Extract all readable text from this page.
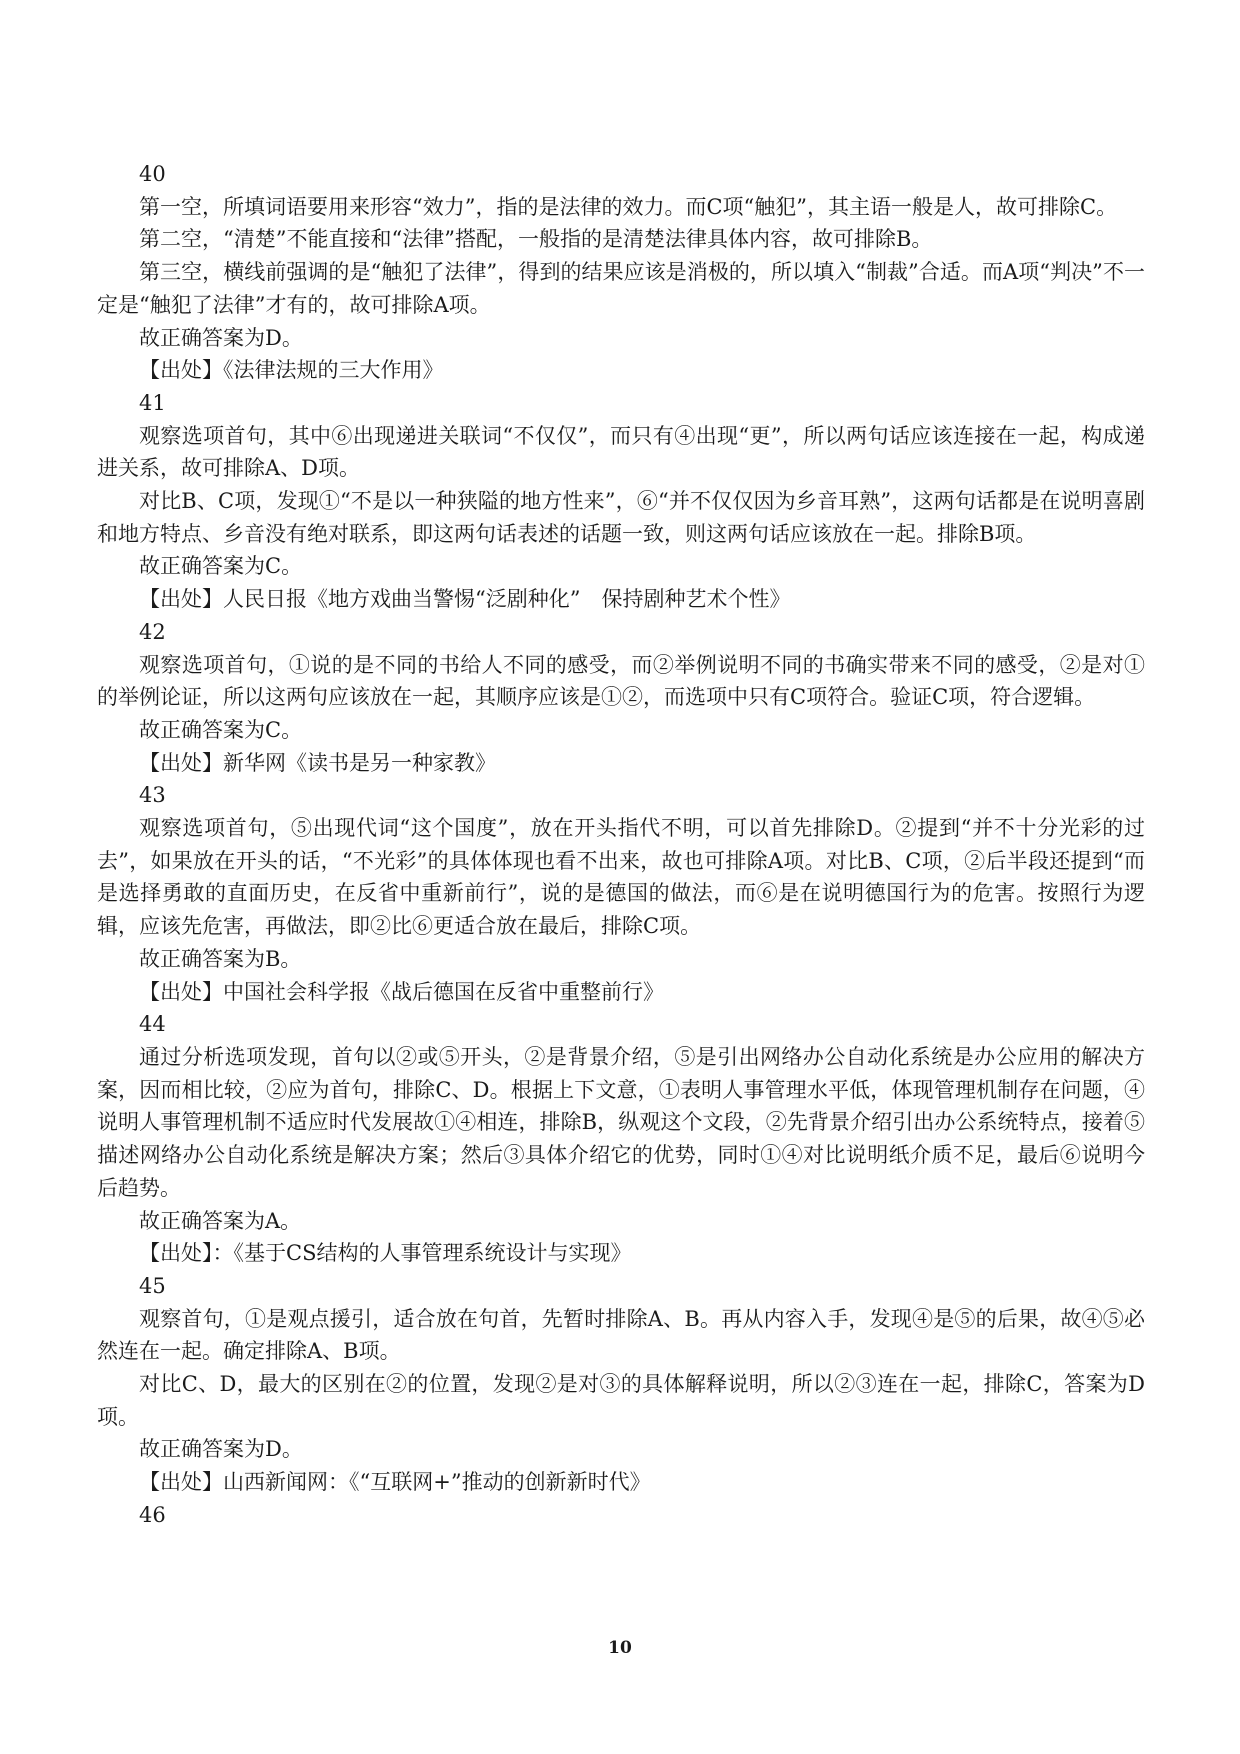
40

第一空，所填词语要用来形容“效力”，指的是法律的效力。而C项“触犯”，其主语一般是人，故可排除C。

第二空，“清楚”不能直接和“法律”搭配，一般指的是清楚法律具体内容，故可排除B。

第三空，横线前强调的是“触犯了法律”，得到的结果应该是消极的，所以填入“制裁”合适。而A项“判决”不一定是“触犯了法律”才有的，故可排除A项。

故正确答案为D。

【出处】《法律法规的三大作用》

41

观察选项首句，其中⑥出现递进关联词“不仅仅”，而只有④出现“更”，所以两句话应该连接在一起，构成递进关系，故可排除A、D项。

对比B、C项，发现①“不是以一种狭隘的地方性来”，⑥“并不仅仅因为乡音耳熟”，这两句话都是在说明喜剧和地方特点、乡音没有绝对联系，即这两句话表述的话题一致，则这两句话应该放在一起。排除B项。

故正确答案为C。

【出处】人民日报《地方戏曲当警惕“泛剧种化”　保持剧种艺术个性》

42

观察选项首句，①说的是不同的书给人不同的感受，而②举例说明不同的书确实带来不同的感受，②是对①的举例论证，所以这两句应该放在一起，其顺序应该是①②，而选项中只有C项符合。验证C项，符合逻辑。

故正确答案为C。

【出处】新华网《读书是另一种家教》

43

观察选项首句，⑤出现代词“这个国度”，放在开头指代不明，可以首先排除D。②提到“并不十分光彩的过去”，如果放在开头的话，“不光彩”的具体体现也看不出来，故也可排除A项。对比B、C项，②后半段还提到“而是选择勇敢的直面历史，在反省中重新前行”，说的是德国的做法，而⑥是在说明德国行为的危害。按照行为逻辑，应该先危害，再做法，即②比⑥更适合放在最后，排除C项。

故正确答案为B。

【出处】中国社会科学报《战后德国在反省中重整前行》

44

通过分析选项发现，首句以②或⑤开头，②是背景介绍，⑤是引出网络办公自动化系统是办公应用的解决方案，因而相比较，②应为首句，排除C、D。根据上下文意，①表明人事管理水平低，体现管理机制存在问题，④说明人事管理机制不适应时代发展故①④相连，排除B，纵观这个文段，②先背景介绍引出办公系统特点，接着⑤描述网络办公自动化系统是解决方案；然后③具体介绍它的优势，同时①④对比说明纸介质不足，最后⑥说明今后趋势。

故正确答案为A。

【出处】：《基于CS结构的人事管理系统设计与实现》

45

观察首句，①是观点援引，适合放在句首，先暂时排除A、B。再从内容入手，发现④是⑤的后果，故④⑤必然连在一起。确定排除A、B项。

对比C、D，最大的区别在②的位置，发现②是对③的具体解释说明，所以②③连在一起，排除C，答案为D项。

故正确答案为D。

【出处】山西新闻网：《“互联网+”推动的创新新时代》

46

10
